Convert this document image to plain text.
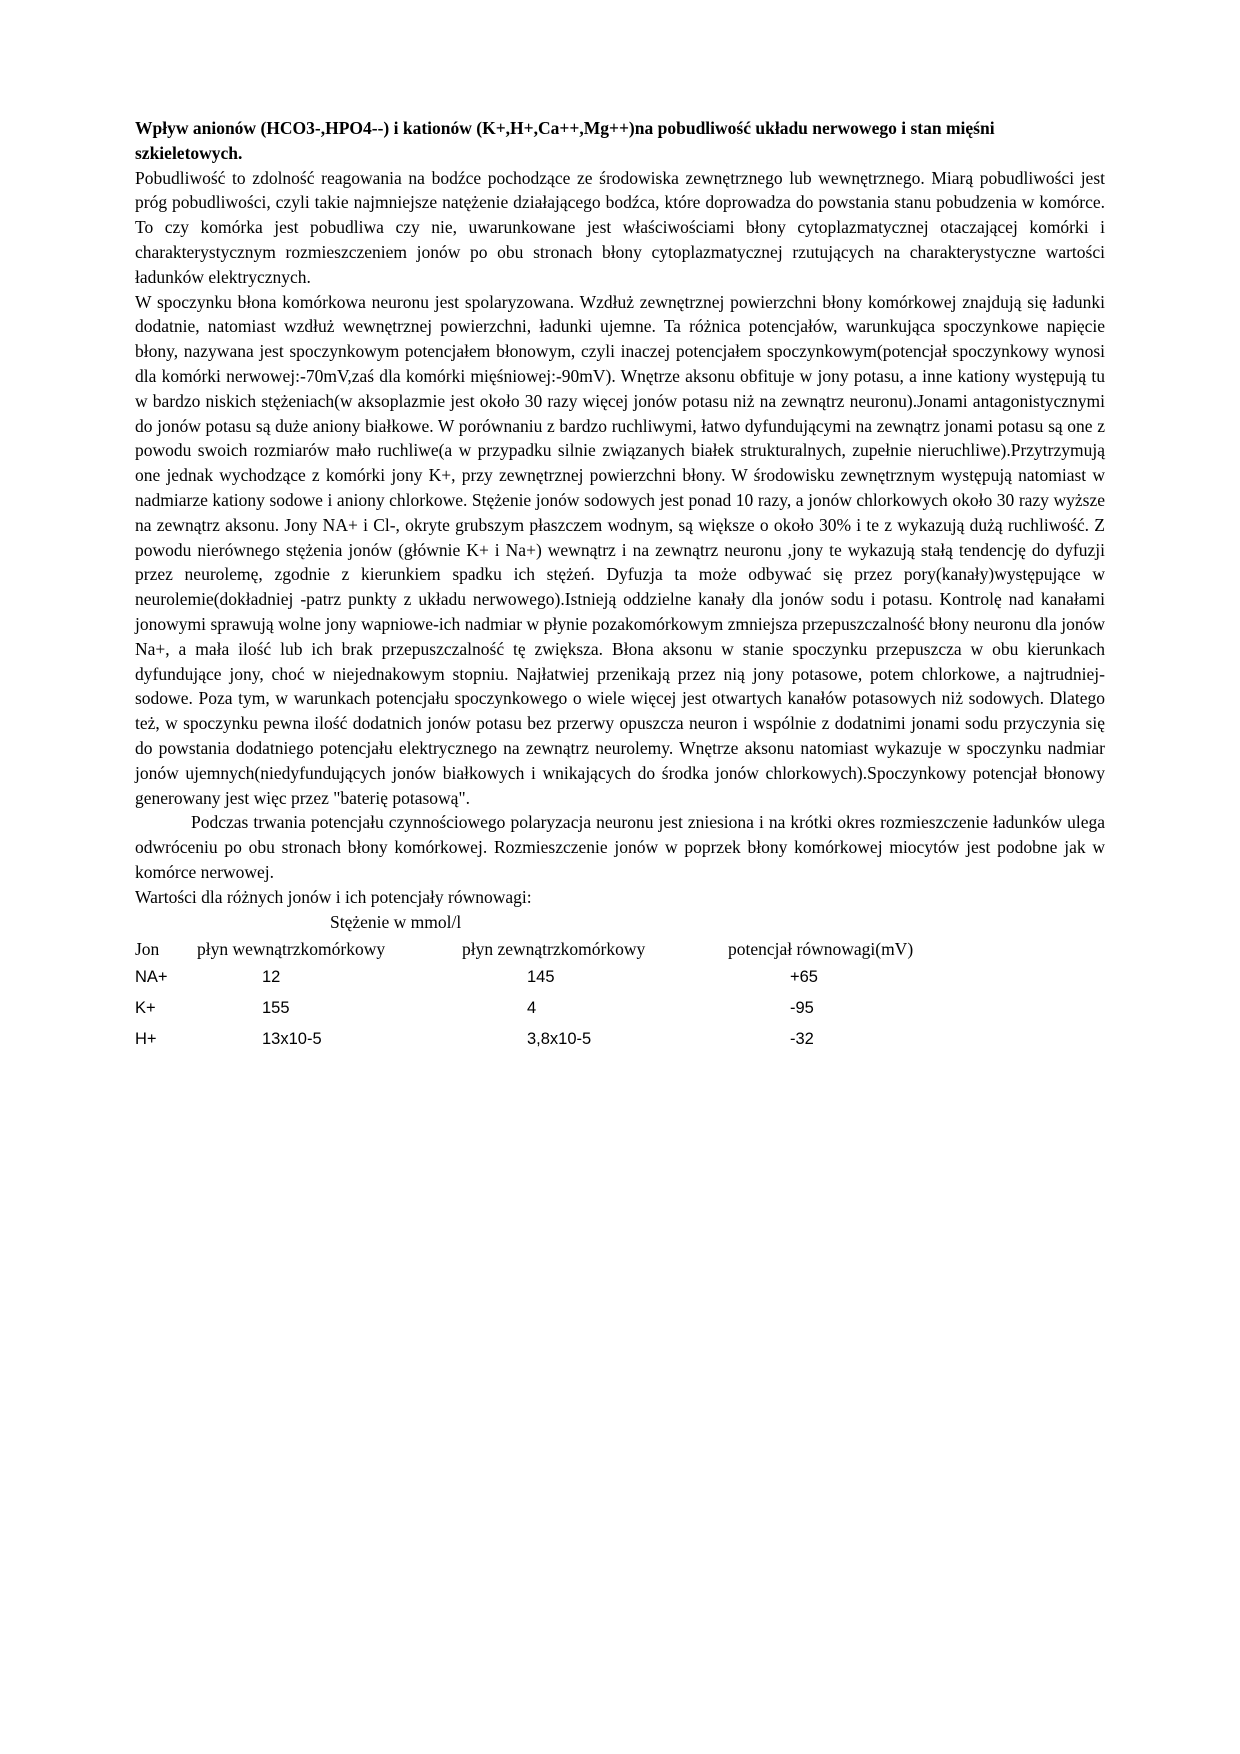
Wpływ anionów (HCO3-,HPO4--) i kationów (K+,H+,Ca++,Mg++)na pobudliwość układu nerwowego i stan mięśni szkieletowych.

Pobudliwość to zdolność reagowania na bodźce pochodzące ze środowiska zewnętrznego lub wewnętrznego. Miarą pobudliwości jest próg pobudliwości, czyli takie najmniejsze natężenie działającego bodźca, które doprowadza do powstania stanu pobudzenia w komórce. To czy komórka jest pobudliwa czy nie, uwarunkowane jest właściwościami błony cytoplazmatycznej otaczającej komórki i charakterystycznym rozmieszczeniem jonów po obu stronach błony cytoplazmatycznej rzutujących na charakterystyczne wartości ładunków elektrycznych.

W spoczynku błona komórkowa neuronu jest spolaryzowana. Wzdłuż zewnętrznej powierzchni błony komórkowej znajdują się ładunki dodatnie, natomiast wzdłuż wewnętrznej powierzchni, ładunki ujemne. Ta różnica potencjałów, warunkująca spoczynkowe napięcie błony, nazywana jest spoczynkowym potencjałem błonowym, czyli inaczej potencjałem spoczynkowym(potencjał spoczynkowy wynosi dla komórki nerwowej:-70mV,zaś dla komórki mięśniowej:-90mV). Wnętrze aksonu obfituje w jony potasu, a inne kationy występują tu w bardzo niskich stężeniach(w aksoplazmie jest około 30 razy więcej jonów potasu niż na zewnątrz neuronu).Jonami antagonistycznymi do jonów potasu są duże aniony białkowe. W porównaniu z bardzo ruchliwymi, łatwo dyfundującymi na zewnątrz jonami potasu są one z powodu swoich rozmiarów mało ruchliwe(a w przypadku silnie związanych białek strukturalnych, zupełnie nieruchliwe).Przytrzymują one jednak wychodzące z komórki jony K+, przy zewnętrznej powierzchni błony. W środowisku zewnętrznym występują natomiast w nadmiarze kationy sodowe i aniony chlorkowe. Stężenie jonów sodowych jest ponad 10 razy, a jonów chlorkowych około 30 razy wyższe na zewnątrz aksonu. Jony NA+ i Cl-, okryte grubszym płaszczem wodnym, są większe o około 30% i te z wykazują dużą ruchliwość. Z powodu nierównego stężenia jonów (głównie K+ i Na+) wewnątrz i na zewnątrz neuronu ,jony te wykazują stałą tendencję do dyfuzji przez neurolemę, zgodnie z kierunkiem spadku ich stężeń. Dyfuzja ta może odbywać się przez pory(kanały)występujące w neurolemie(dokładniej -patrz punkty z układu nerwowego).Istnieją oddzielne kanały dla jonów sodu i potasu. Kontrolę nad kanałami jonowymi sprawują wolne jony wapniowe-ich nadmiar w płynie pozakomórkowym zmniejsza przepuszczalność błony neuronu dla jonów Na+, a mała ilość lub ich brak przepuszczalność tę zwiększa. Błona aksonu w stanie spoczynku przepuszcza w obu kierunkach dyfundujące jony, choć w niejednakowym stopniu. Najłatwiej przenikają przez nią jony potasowe, potem chlorkowe, a najtrudniej-sodowe. Poza tym, w warunkach potencjału spoczynkowego o wiele więcej jest otwartych kanałów potasowych niż sodowych. Dlatego też, w spoczynku pewna ilość dodatnich jonów potasu bez przerwy opuszcza neuron i wspólnie z dodatnimi jonami sodu przyczynia się do powstania dodatniego potencjału elektrycznego na zewnątrz neurolemy. Wnętrze aksonu natomiast wykazuje w spoczynku nadmiar jonów ujemnych(niedyfundujących jonów białkowych i wnikających do środka jonów chlorkowych).Spoczynkowy potencjał błonowy generowany jest więc przez "baterię potasową".

Podczas trwania potencjału czynnościowego polaryzacja neuronu jest zniesiona i na krótki okres rozmieszczenie ładunków ulega odwróceniu po obu stronach błony komórkowej. Rozmieszczenie jonów w poprzek błony komórkowej miocytów jest podobne jak w komórce nerwowej.

Wartości dla różnych jonów i ich potencjały równowagi:

Stężenie w mmol/l

Jon	płyn wewnątrzkomórkowy	płyn zewnątrzkomórkowy	potencjał równowagi(mV)
NA+	12	145	+65
K+	155	4	-95
H+	13x10-5	3,8x10-5	-32
